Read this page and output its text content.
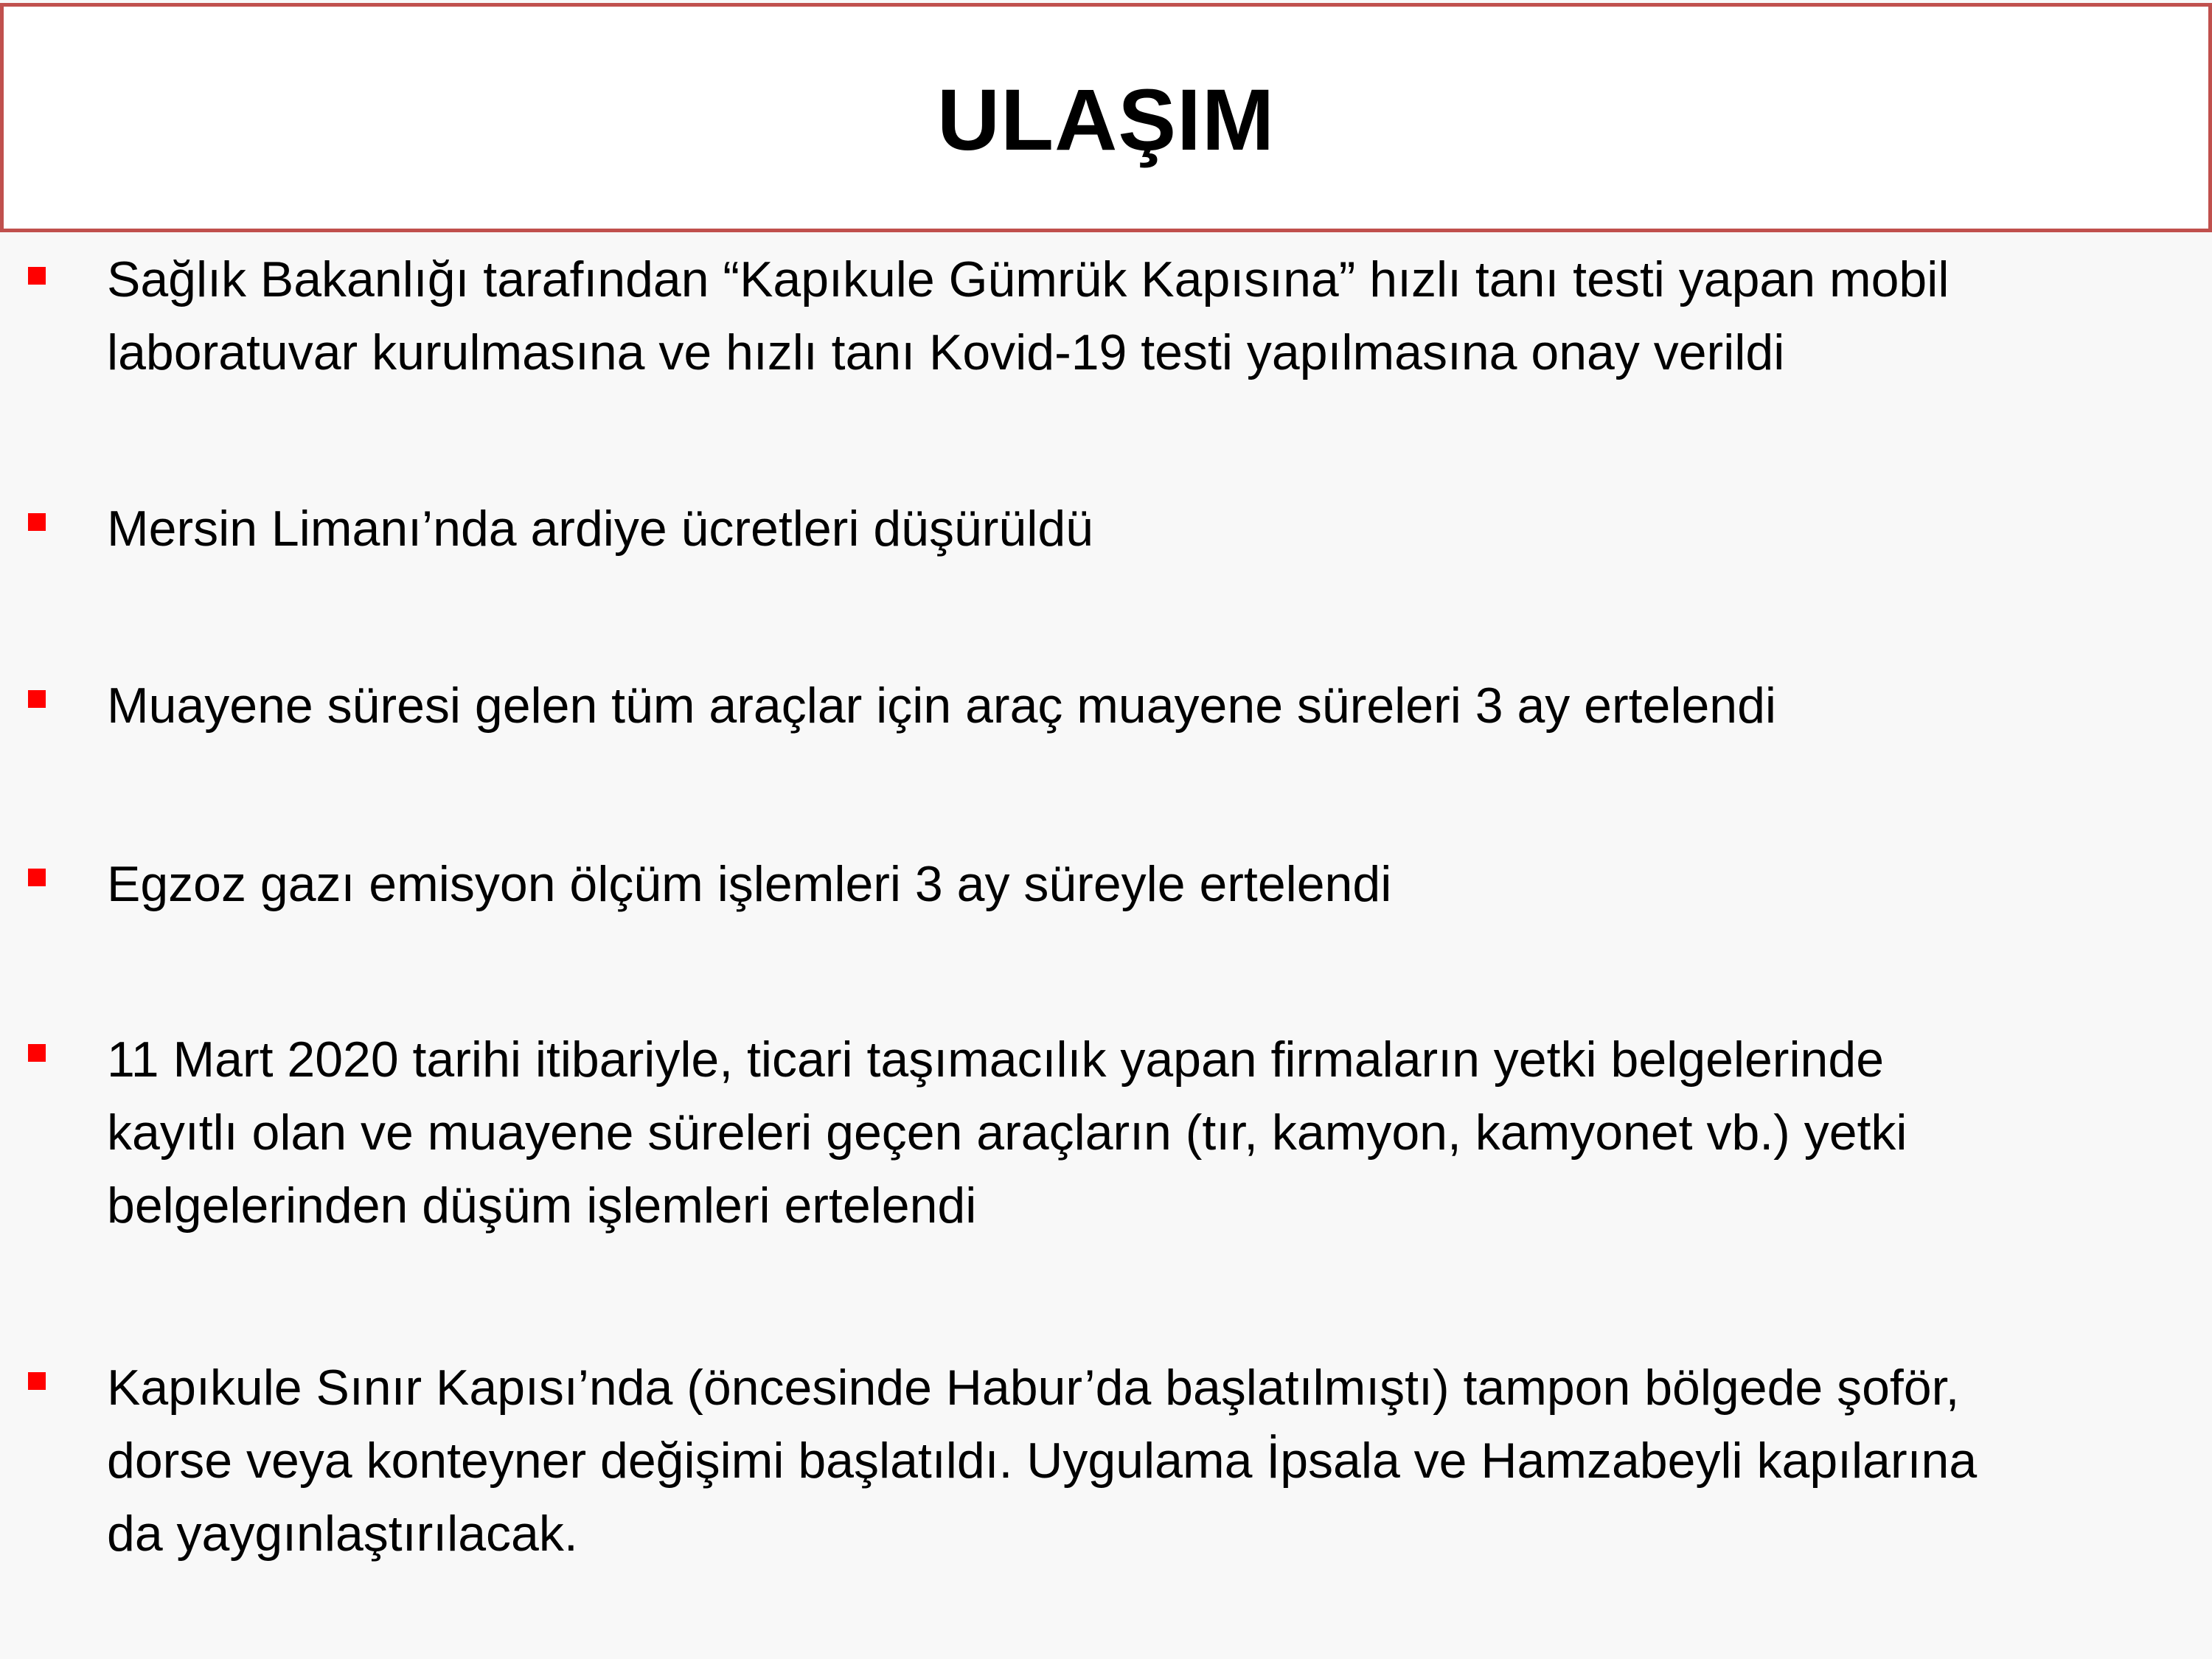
ULAŞIM
Sağlık Bakanlığı tarafından “Kapıkule Gümrük Kapısına” hızlı tanı testi yapan mobil
laboratuvar kurulmasına ve hızlı tanı Kovid-19 testi yapılmasına onay verildi
Mersin Limanı’nda ardiye ücretleri düşürüldü
Muayene süresi gelen tüm araçlar için araç muayene süreleri 3 ay ertelendi
Egzoz gazı emisyon ölçüm işlemleri 3 ay süreyle ertelendi
11 Mart 2020 tarihi itibariyle, ticari taşımacılık yapan firmaların yetki belgelerinde
kayıtlı olan ve muayene süreleri geçen araçların (tır, kamyon, kamyonet vb.) yetki
belgelerinden düşüm işlemleri ertelendi
Kapıkule Sınır Kapısı’nda (öncesinde Habur’da başlatılmıştı) tampon bölgede şoför,
dorse veya konteyner değişimi başlatıldı. Uygulama İpsala ve Hamzabeyli kapılarına
da yaygınlaştırılacak.
